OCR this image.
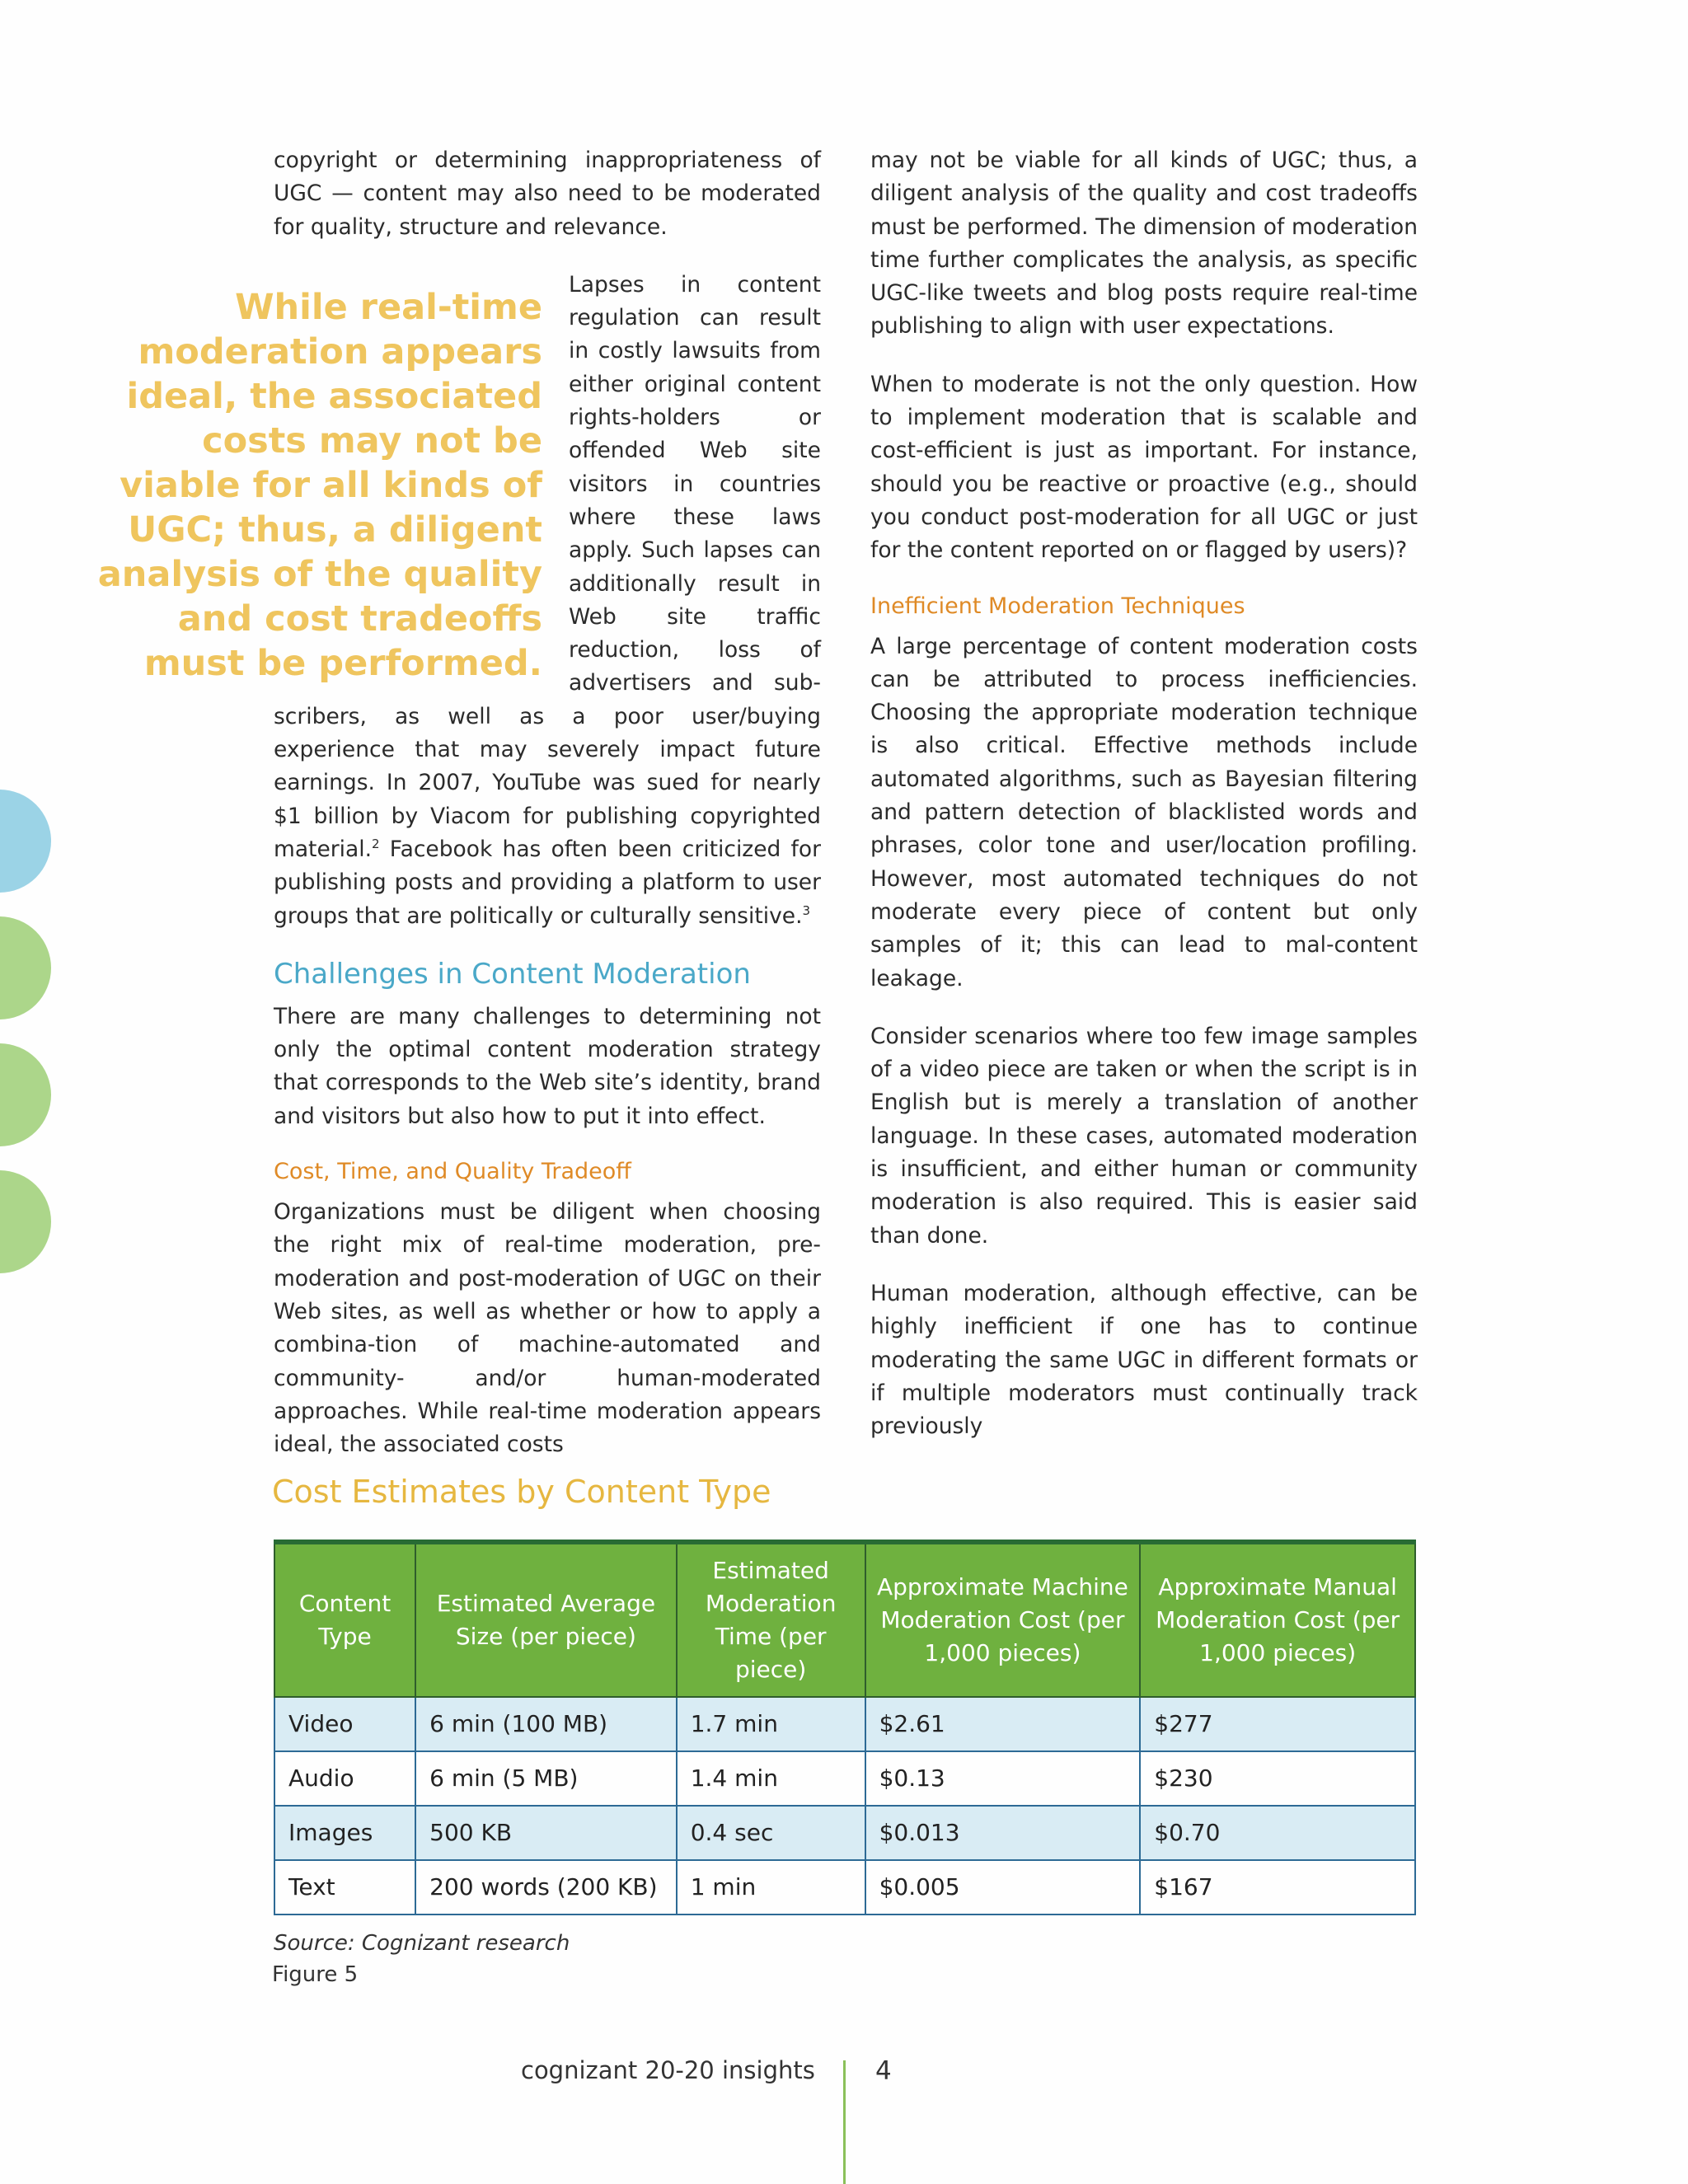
copyright or determining inappropriateness of UGC — content may also need to be moderated for quality, structure and relevance.

While real-time moderation appears ideal, the associated costs may not be viable for all kinds of UGC; thus, a diligent analysis of the quality and cost tradeoffs must be performed.

Lapses in content regulation can result in costly lawsuits from either original content rights-holders or offended Web site visitors in countries where these laws apply. Such lapses can additionally result in Web site traffic reduction, loss of advertisers and sub-scribers, as well as a poor user/buying experience that may severely impact future earnings. In 2007, YouTube was sued for nearly $1 billion by Viacom for publishing copyrighted material.$^2$ Facebook has often been criticized for publishing posts and providing a platform to user groups that are politically or culturally sensitive.$^3$

Challenges in Content Moderation

There are many challenges to determining not only the optimal content moderation strategy that corresponds to the Web site’s identity, brand and visitors but also how to put it into effect.

Cost, Time, and Quality Tradeoff

Organizations must be diligent when choosing the right mix of real-time moderation, pre-moderation and post-moderation of UGC on their Web sites, as well as whether or how to apply a combina-tion of machine-automated and community- and/or human-moderated approaches. While real-time moderation appears ideal, the associated costs

may not be viable for all kinds of UGC; thus, a diligent analysis of the quality and cost tradeoffs must be performed. The dimension of moderation time further complicates the analysis, as specific UGC-like tweets and blog posts require real-time publishing to align with user expectations.

When to moderate is not the only question. How to implement moderation that is scalable and cost-efficient is just as important. For instance, should you be reactive or proactive (e.g., should you conduct post-moderation for all UGC or just for the content reported on or flagged by users)?

Inefficient Moderation Techniques

A large percentage of content moderation costs can be attributed to process inefficiencies. Choosing the appropriate moderation technique is also critical. Effective methods include automated algorithms, such as Bayesian filtering and pattern detection of blacklisted words and phrases, color tone and user/location profiling. However, most automated techniques do not moderate every piece of content but only samples of it; this can lead to mal-content leakage.

Consider scenarios where too few image samples of a video piece are taken or when the script is in English but is merely a translation of another language. In these cases, automated moderation is insufficient, and either human or community moderation is also required. This is easier said than done.

Human moderation, although effective, can be highly inefficient if one has to continue moderating the same UGC in different formats or if multiple moderators must continually track previously

Cost Estimates by Content Type
Content Type	Estimated Average Size (per piece)	Estimated Moderation Time (per piece)	Approximate Machine Moderation Cost (per 1,000 pieces)	Approximate Manual Moderation Cost (per 1,000 pieces)
Video	6 min (100 MB)	1.7 min	$2.61	$277
Audio	6 min (5 MB)	1.4 min	$0.13	$230
Images	500 KB	0.4 sec	$0.013	$0.70
Text	200 words (200 KB)	1 min	$0.005	$167
Source: Cognizant research
Figure 5
cognizant 20-20 insights 4
